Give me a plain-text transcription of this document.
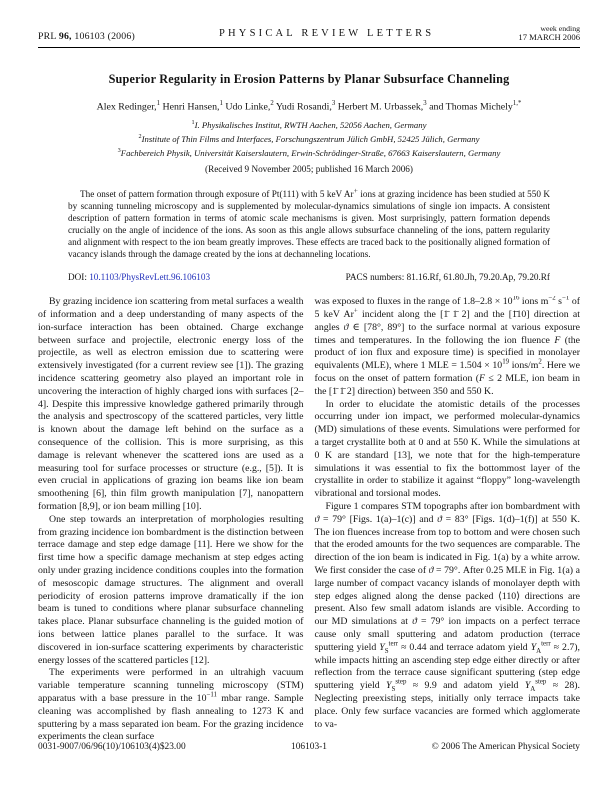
PRL 96, 106103 (2006)	PHYSICAL REVIEW LETTERS	week ending
17 MARCH 2006
Superior Regularity in Erosion Patterns by Planar Subsurface Channeling
Alex Redinger,$^1$ Henri Hansen,$^1$ Udo Linke,$^2$ Yudi Rosandi,$^3$ Herbert M. Urbassek,$^3$ and Thomas Michely$^{1,*}$
$^1$I. Physikalisches Institut, RWTH Aachen, 52056 Aachen, Germany
$^2$Institute of Thin Films and Interfaces, Forschungszentrum Jülich GmbH, 52425 Jülich, Germany
$^3$Fachbereich Physik, Universität Kaiserslautern, Erwin-Schrödinger-Straße, 67663 Kaiserslautern, Germany
(Received 9 November 2005; published 16 March 2006)
The onset of pattern formation through exposure of Pt(111) with 5 keV Ar+ ions at grazing incidence has been studied at 550 K by scanning tunneling microscopy and is supplemented by molecular-dynamics simulations of single ion impacts. A consistent description of pattern formation in terms of atomic scale mechanisms is given. Most surprisingly, pattern formation depends crucially on the angle of incidence of the ions. As soon as this angle allows subsurface channeling of the ions, pattern regularity and alignment with respect to the ion beam greatly improves. These effects are traced back to the positionally aligned formation of vacancy islands through the damage created by the ions at dechanneling locations.
DOI: 10.1103/PhysRevLett.96.106103	PACS numbers: 81.16.Rf, 61.80.Jh, 79.20.Ap, 79.20.Rf

By grazing incidence ion scattering from metal surfaces a wealth of information and a deep understanding of many aspects of the ion-surface interaction has been obtained. Charge exchange between surface and projectile, electronic energy loss of the projectile, as well as electron emission due to scattering were extensively investigated (for a current review see [1]). The grazing incidence scattering geometry also played an important role in uncovering the interaction of highly charged ions with surfaces [2–4]. Despite this impressive knowledge gathered primarily through the analysis and spectroscopy of the scattered particles, very little is known about the damage left behind on the surface as a consequence of the collision. This is more surprising, as this damage is relevant whenever the scattered ions are used as a measuring tool for surface processes or structure (e.g., [5]). It is even crucial in applications of grazing ion beams like ion beam smoothening [6], thin film growth manipulation [7], nanopattern formation [8,9], or ion beam milling [10].

One step towards an interpretation of morphologies resulting from grazing incidence ion bombardment is the distinction between terrace damage and step edge damage [11]. Here we show for the first time how a specific damage mechanism at step edges acting only under grazing incidence conditions couples into the formation of mesoscopic damage structures. The alignment and overall periodicity of erosion patterns improve dramatically if the ion beam is tuned to conditions where planar subsurface channeling takes place. Planar subsurface channeling is the guided motion of ions between lattice planes parallel to the surface. It was discovered in ion-surface scattering experiments by characteristic energy losses of the scattered particles [12].

The experiments were performed in an ultrahigh vacuum variable temperature scanning tunneling microscopy (STM) apparatus with a base pressure in the $10^{-11}$ mbar range. Sample cleaning was accomplished by flash annealing to 1273 K and sputtering by a mass separated ion beam. For the grazing incidence experiments the clean surface

was exposed to fluxes in the range of $1.8-2.8 \times 10^{16}$ ions $m^{-2}$ $s^{-1}$ of 5 keV Ar+ incident along the [1̄ 1̄ 2] and the [1̄10] direction at angles ϑ ∈ [78°, 89°] to the surface normal at various exposure times and temperatures. In the following the ion fluence F (the product of ion flux and exposure time) is specified in monolayer equivalents (MLE), where 1 MLE = $1.504 \times 10^{19}$ ions/$m^2$. Here we focus on the onset of pattern formation (F ≤ 2 MLE, ion beam in the [1̄ 1̄ 2] direction) between 350 and 550 K.

In order to elucidate the atomistic details of the processes occurring under ion impact, we performed molecular-dynamics (MD) simulations of these events. Simulations were performed for a target crystallite both at 0 and at 550 K. While the simulations at 0 K are standard [13], we note that for the high-temperature simulations it was essential to fix the bottommost layer of the crystallite in order to stabilize it against “floppy” long-wavelength vibrational and torsional modes.

Figure 1 compares STM topographs after ion bombardment with ϑ = 79° [Figs. 1(a)–1(c)] and ϑ = 83° [Figs. 1(d)–1(f)] at 550 K. The ion fluences increase from top to bottom and were chosen such that the eroded amounts for the two sequences are comparable. The direction of the ion beam is indicated in Fig. 1(a) by a white arrow. We first consider the case of ϑ = 79°. After 0.25 MLE in Fig. 1(a) a large number of compact vacancy islands of monolayer depth with step edges aligned along the dense packed ⟨110⟩ directions are present. Also few small adatom islands are visible. According to our MD simulations at ϑ = 79° ion impacts on a perfect terrace cause only small sputtering and adatom production (terrace sputtering yield $Y_S^{terr} \approx 0.44$ and terrace adatom yield $Y_A^{terr} \approx 2.7$), while impacts hitting an ascending step edge either directly or after reflection from the terrace cause significant sputtering (step edge sputtering yield $Y_S^{step} \approx 9.9$ and adatom yield $Y_A^{step} \approx 28$). Neglecting preexisting steps, initially only terrace impacts take place. Only few surface vacancies are formed which agglomerate to va-

106103-1
0031-9007/06/96(10)/106103(4)$23.00	© 2006 The American Physical Society
